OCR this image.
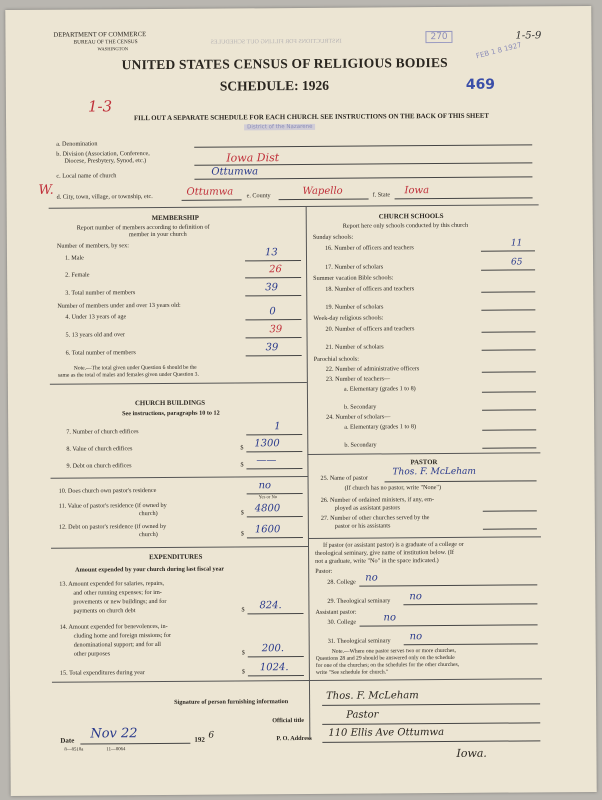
DEPARTMENT OF COMMERCE
BUREAU OF THE CENSUS
WASHINGTON
INSTRUCTIONS FOR FILLING OUT SCHEDULES
270	1-5-9
FEB 1 8 1927
UNITED STATES CENSUS OF RELIGIOUS BODIES
SCHEDULE: 1926	469
1-3
FILL OUT A SEPARATE SCHEDULE FOR EACH CHURCH. SEE INSTRUCTIONS ON THE BACK OF THIS SHEET
District of the Nazarene
a. Denomination
b. Division (Association, Conference,
Diocese, Presbytery, Synod, etc.)	Iowa Dist
c. Local name of church	Ottumwa
W. d. City, town, village, or township, etc.	Ottumwa e. County	Wapello	f. State Iowa
MEMBERSHIP
Report number of members according to definition of
member in your church
Number of members, by sex:
1. Male	13
2. Female	26
3. Total number of members	39
Number of members under and over 13 years old:
4. Under 13 years of age	0
5. 13 years old and over	39
6. Total number of members	39
Note.—The total given under Question 6 should be the
same as the total of males and females given under Question 3.
CHURCH BUILDINGS
See instructions, paragraphs 10 to 12
7. Number of church edifices	1
8. Value of church edifices	$ 1300
9. Debt on church edifices	$ ——
10. Does church own pastor's residence	no
Yes or No
11. Value of pastor's residence (if owned by
church)	$ 4800
12. Debt on pastor's residence (if owned by
church)	$ 1600
EXPENDITURES
Amount expended by your church during last fiscal year
13. Amount expended for salaries, repairs,
and other running expenses; for im-
provements or new buildings; and for
payments on church debt	$ 824.
14. Amount expended for benevolences, in-
cluding home and foreign missions; for
denominational support; and for all
other purposes	$ 200.
15. Total expenditures during year	$ 1024.
CHURCH SCHOOLS
Report here only schools conducted by this church
Sunday schools:
16. Number of officers and teachers	11
17. Number of scholars	65
Summer vacation Bible schools:
18. Number of officers and teachers
19. Number of scholars
Week-day religious schools:
20. Number of officers and teachers
21. Number of scholars
Parochial schools:
22. Number of administrative officers
23. Number of teachers—
a. Elementary (grades 1 to 8)
b. Secondary
24. Number of scholars—
a. Elementary (grades 1 to 8)
b. Secondary
PASTOR
25. Name of pastor
Thos. F. McLeham
(If church has no pastor, write "None")
26. Number of ordained ministers, if any, em-
ployed as assistant pastors
27. Number of other churches served by the
pastor or his assistants
If pastor (or assistant pastor) is a graduate of a college or
theological seminary, give name of institution below. (If
not a graduate, write "No" in the space indicated.)
Pastor:
28. College no
29. Theological seminary no
Assistant pastor:
30. College	no
31. Theological seminary no
Note.—Where one pastor serves two or more churches,
Questions 28 and 29 should be answered only on the schedule
for one of the churches; on the schedules for the other churches,
write "See schedule for church."
Signature of person furnishing information
Thos. F. McLeham
Official title	Pastor
Date Nov 22	192 6	P. O. Address 110 Ellis Ave Ottumwa
Iowa.
8—8518a	11—0064
